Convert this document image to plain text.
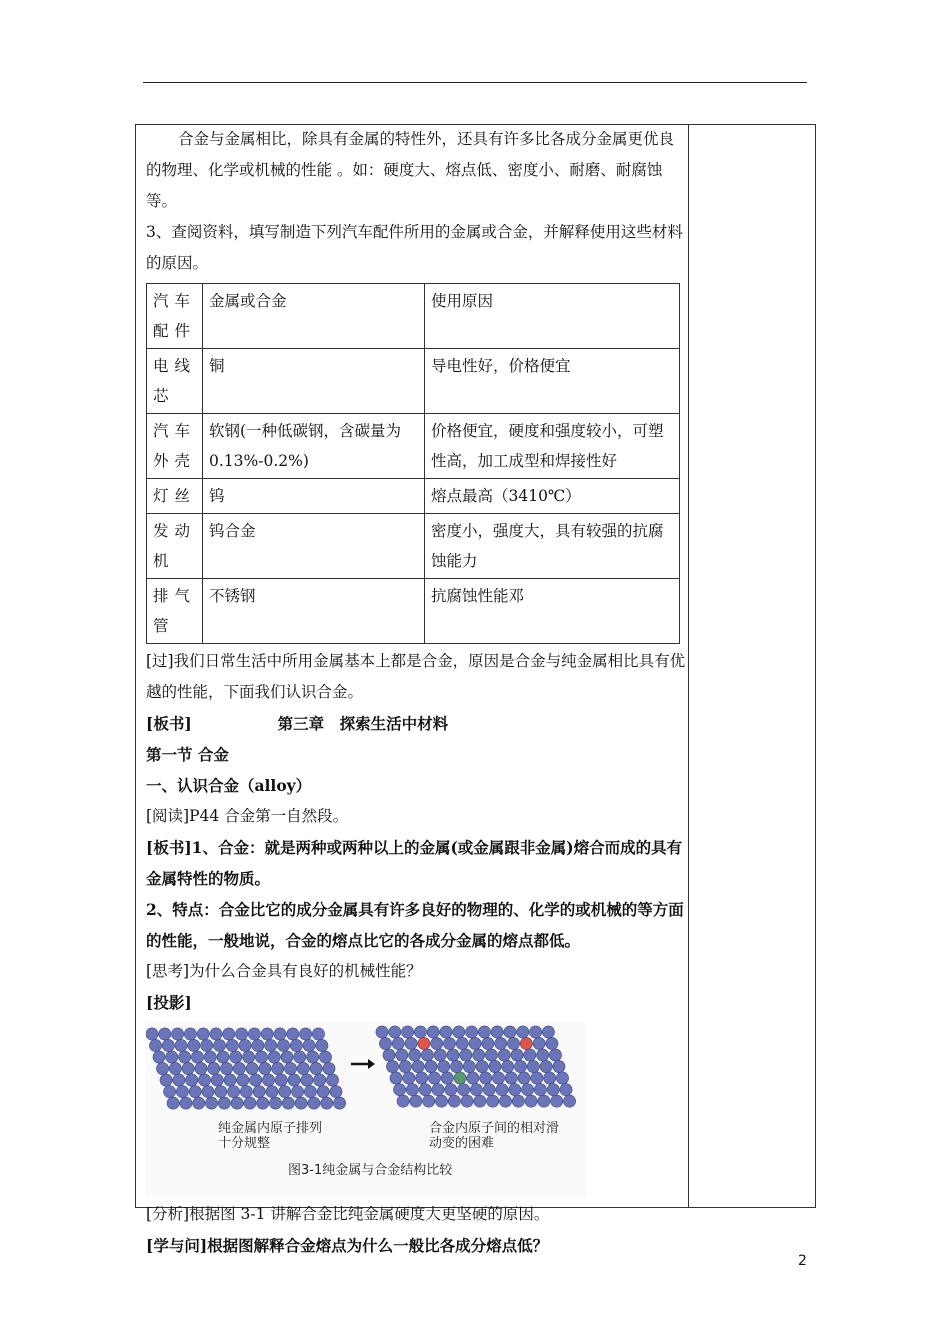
合金与金属相比，除具有金属的特性外，还具有许多比各成分金属更优良的物理、化学或机械的性能 。如：硬度大、熔点低、密度小、耐磨、耐腐蚀等。

3、查阅资料，填写制造下列汽车配件所用的金属或合金，并解释使用这些材料的原因。

汽车配件	金属或合金	使用原因
电线芯	铜	导电性好，价格便宜
汽车外壳	软钢(一种低碳钢，含碳量为0.13%-0.2%)	价格便宜，硬度和强度较小，可塑性高，加工成型和焊接性好
灯丝	钨	熔点最高（3410℃）
发动机	钨合金	密度小，强度大，具有较强的抗腐蚀能力
排气管	不锈钢	抗腐蚀性能邓

[过]我们日常生活中所用金属基本上都是合金，原因是合金与纯金属相比具有优越的性能，下面我们认识合金。

[板书]	第三章　探索生活中材料

第一节 合金

一、认识合金（alloy）

[阅读]P44 合金第一自然段。

[板书]1、合金：就是两种或两种以上的金属(或金属跟非金属)熔合而成的具有金属特性的物质。

2、特点：合金比它的成分金属具有许多良好的物理的、化学的或机械的等方面的性能，一般地说，合金的熔点比它的各成分金属的熔点都低。

[思考]为什么合金具有良好的机械性能？

[投影]

纯金属内原子排列
十分规整
合金内原子间的相对滑
动变的困难
图3-1纯金属与合金结构比较

[分析]根据图 3-1 讲解合金比纯金属硬度大更坚硬的原因。

[学与问]根据图解释合金熔点为什么一般比各成分熔点低？

2
